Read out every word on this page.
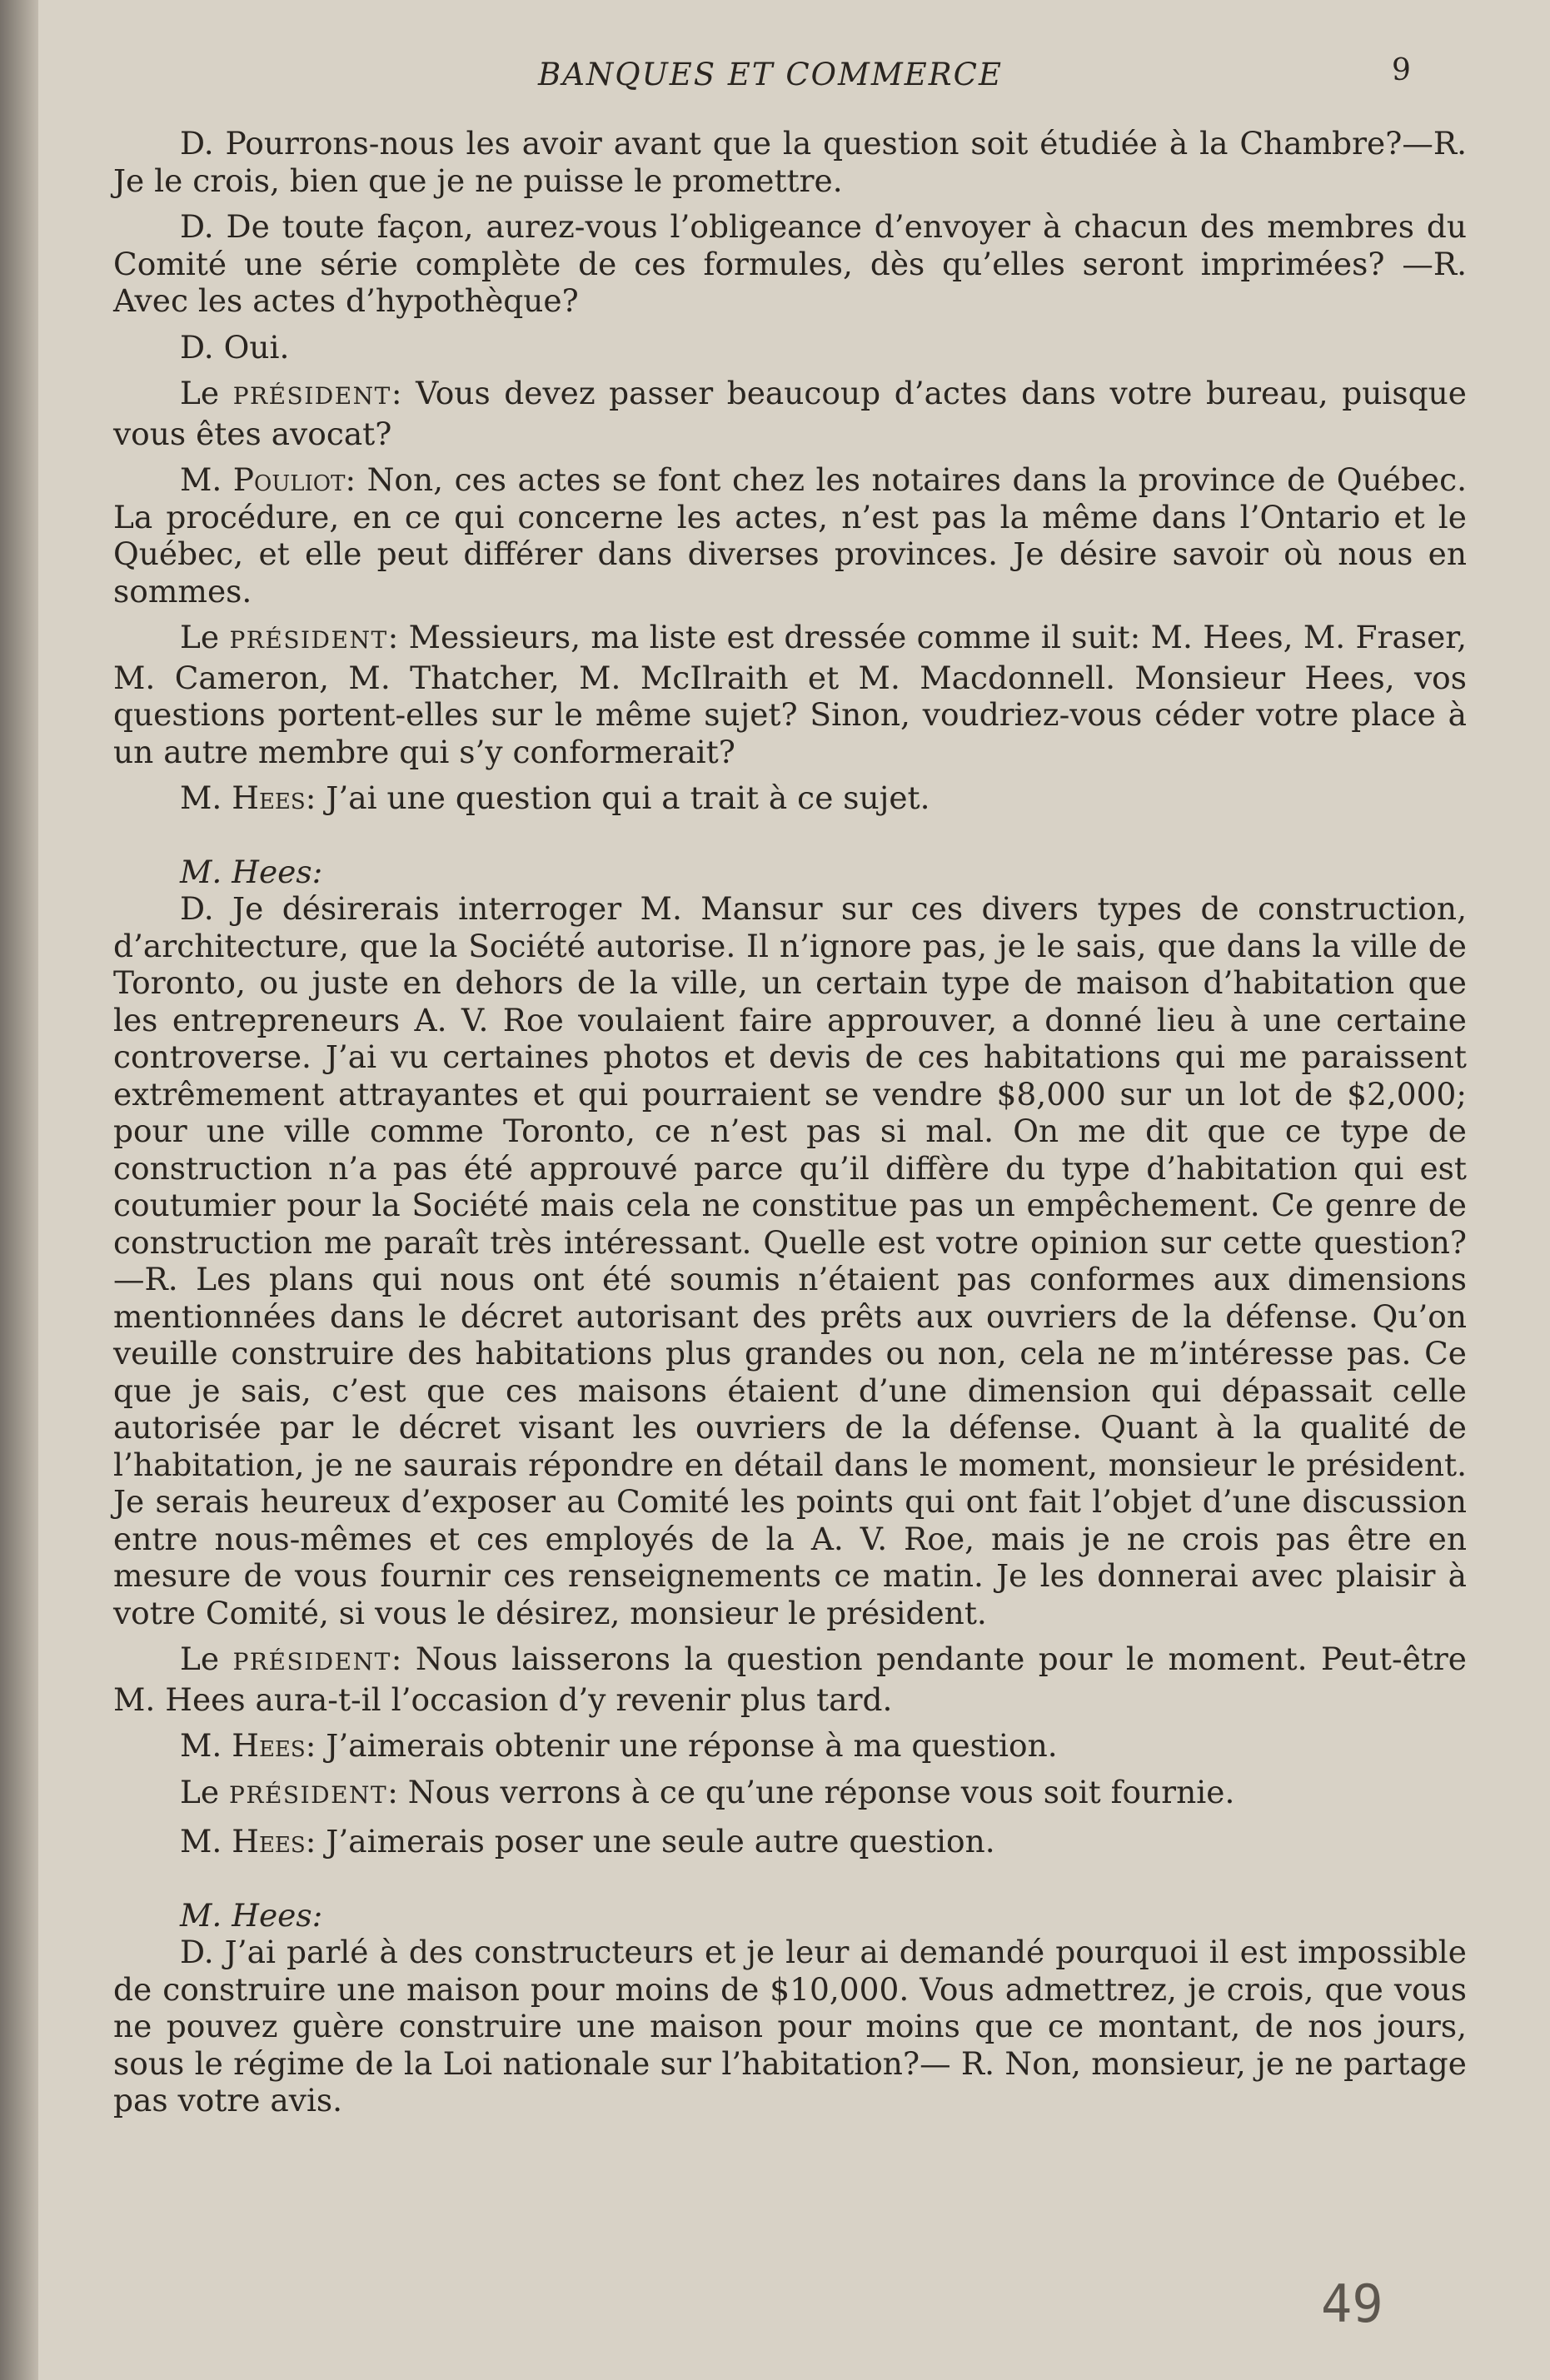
BANQUES ET COMMERCE	9

D. Pourrons-nous les avoir avant que la question soit étudiée à la Chambre?—R. Je le crois, bien que je ne puisse le promettre.

D. De toute façon, aurez-vous l’obligeance d’envoyer à chacun des membres du Comité une série complète de ces formules, dès qu’elles seront imprimées? —R. Avec les actes d’hypothèque?

D. Oui.

Le PRÉSIDENT: Vous devez passer beaucoup d’actes dans votre bureau, puisque vous êtes avocat?

M. Pouliot: Non, ces actes se font chez les notaires dans la province de Québec. La procédure, en ce qui concerne les actes, n’est pas la même dans l’Ontario et le Québec, et elle peut différer dans diverses provinces. Je désire savoir où nous en sommes.

Le PRÉSIDENT: Messieurs, ma liste est dressée comme il suit: M. Hees, M. Fraser, M. Cameron, M. Thatcher, M. McIlraith et M. Macdonnell. Monsieur Hees, vos questions portent-elles sur le même sujet? Sinon, voudriez-vous céder votre place à un autre membre qui s’y conformerait?

M. Hees: J’ai une question qui a trait à ce sujet.

M. Hees:

D. Je désirerais interroger M. Mansur sur ces divers types de construction, d’architecture, que la Société autorise. Il n’ignore pas, je le sais, que dans la ville de Toronto, ou juste en dehors de la ville, un certain type de maison d’habitation que les entrepreneurs A. V. Roe voulaient faire approuver, a donné lieu à une certaine controverse. J’ai vu certaines photos et devis de ces habitations qui me paraissent extrêmement attrayantes et qui pourraient se vendre $8,000 sur un lot de $2,000; pour une ville comme Toronto, ce n’est pas si mal. On me dit que ce type de construction n’a pas été approuvé parce qu’il diffère du type d’habitation qui est coutumier pour la Société mais cela ne constitue pas un empêchement. Ce genre de construction me paraît très intéressant. Quelle est votre opinion sur cette question?—R. Les plans qui nous ont été soumis n’étaient pas conformes aux dimensions mentionnées dans le décret autorisant des prêts aux ouvriers de la défense. Qu’on veuille construire des habitations plus grandes ou non, cela ne m’intéresse pas. Ce que je sais, c’est que ces maisons étaient d’une dimension qui dépassait celle autorisée par le décret visant les ouvriers de la défense. Quant à la qualité de l’habitation, je ne saurais répondre en détail dans le moment, monsieur le président. Je serais heureux d’exposer au Comité les points qui ont fait l’objet d’une discussion entre nous-mêmes et ces employés de la A. V. Roe, mais je ne crois pas être en mesure de vous fournir ces renseignements ce matin. Je les donnerai avec plaisir à votre Comité, si vous le désirez, monsieur le président.

Le PRÉSIDENT: Nous laisserons la question pendante pour le moment. Peut-être M. Hees aura-t-il l’occasion d’y revenir plus tard.

M. Hees: J’aimerais obtenir une réponse à ma question.

Le PRÉSIDENT: Nous verrons à ce qu’une réponse vous soit fournie.

M. Hees: J’aimerais poser une seule autre question.

M. Hees:

D. J’ai parlé à des constructeurs et je leur ai demandé pourquoi il est impossible de construire une maison pour moins de $10,000. Vous admettrez, je crois, que vous ne pouvez guère construire une maison pour moins que ce montant, de nos jours, sous le régime de la Loi nationale sur l’habitation?— R. Non, monsieur, je ne partage pas votre avis.

49
